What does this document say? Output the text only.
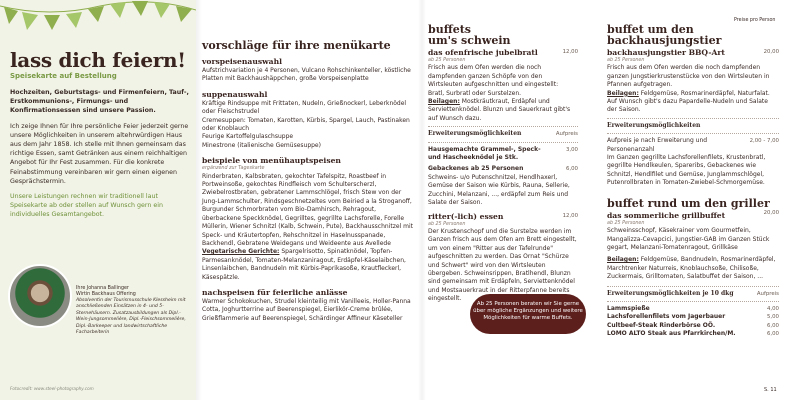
lass dich feiern!
Speisekarte auf Bestellung

Hochzeiten, Geburtstags- und Firmenfeiern, Tauf-, Erstkommunions-, Firmungs- und Konfirmationsessen sind unsere Passion.

Ich zeige Ihnen für Ihre persönliche Feier jederzeit gerne unsere Möglichkeiten in unserem altehrwürdigen Haus aus dem Jahr 1858. Ich stelle mit Ihnen gemeinsam das richtige Essen, samt Getränken aus einem reichhaltigen Angebot für Ihr Fest zusammen. Für die konkrete Feinabstimmung vereinbaren wir gern einen eigenen Gesprächstermin.

Unsere Leistungen rechnen wir traditionell laut Speisekarte ab oder stellen auf Wunsch gern ein individuelles Gesamtangebot.

Ihre Johanna Ballinger
Wirtin Backhaus Offering
Absolventin der Tourismusschule Klessheim mit anschließenden Einsätzen in 4- und 5-Sternehäusern. Zusatzausbildungen als Dipl.-Wein-Jungsommelière, Dipl.-Fleischsommelière, Dipl.-Barkeeper und landwirtschaftliche Facharbeiterin
Fotocredit: www.steel-photography.com
vorschläge für ihre menükarte
vorspeisenauswahl
Aufstrichvariation je 4 Personen, Vulcano Rohschinkenteller, köstliche Platten mit Backhaushäppchen, große Vorspeisenplatte
suppenauswahl
Kräftige Rindsuppe mit Frittaten, Nudeln, Grießnockerl, Leberknödel oder Fleischstrudel
Cremesuppen: Tomaten, Karotten, Kürbis, Spargel, Lauch, Pastinaken oder Knoblauch
Feurige Kartoffelgulaschsuppe
Minestrone (italienische Gemüsesuppe)
beispiele von menühauptspeisen
ergänzend zur Tageskarte
Rinderbraten, Kalbsbraten, gekochter Tafelspitz, Roastbeef in Portweinsoße, gekochtes Rindfleisch vom Schulterscherzl, Zwiebelrostbraten, gebratener Lammschlögel, frisch Stew von der Jung-Lammschulter, Rindsgeschnetzeltes vom Beiried a la Stroganoff, Burgunder Schmorbraten vom Bio-Damhirsch, Rehragout, überbackene Speckknödel, Gegrilltes, gegrillte Lachsforelle, Forelle Müllerin, Wiener Schnitzl (Kalb, Schwein, Pute), Backhausschnitzel mit Speck- und Kräutertopfen, Rehschnitzel in Haselnusspanade, Backhendl, Gebratene Weidegans und Weideente aus Avellede
Vegetarische Gerichte: Spargelrisotto, Spinatknödel, Topfen-Parmesanknödel, Tomaten-Melanzaniragout, Erdäpfel-Käselaibchen, Linsenlaibchen, Bandnudeln mit Kürbis-Paprikasoße, Krautfleckerl, Käsespätzle.
nachspeisen für feierliche anlässe
Warmer Schokokuchen, Strudel kleinteilig mit Vanilleeis, Holler-Panna Cotta, Joghurtterrine auf Beerenspiegel, Eierlikör-Creme brûlée, Grießflammerie auf Beerenspiegel, Schärdinger Affineur Käseteller
buffets
um's schwein
das ofenfrische jubelbratl	12,00
ab 25 Personen
Frisch aus dem Ofen werden die noch dampfenden ganzen Schöpfe von den Wirtsleuten aufgeschnitten und eingestellt:
Bratl, Surbratl oder Surstelzen.
Beilagen: Mostkräutkraut, Erdäpfel und Serviettenknödel. Blunzn und Sauerkraut gibt's auf Wunsch dazu.
Erweiterungsmöglichkeiten	Aufpreis
Hausgemachte Grammel-, Speck- und Hascheeknödel je Stk.
3,00
Gebackenes ab 25 Personen	6,00
Schweins- u/o Putenschnitzel, Hendlhaxerl, Gemüse der Saison wie Kürbis, Rauna, Sellerie, Zucchini, Melanzani, ..., erdäpfel zum Reis und Salate der Saison.
ritter(-lich) essen	12,00
ab 25 Personen
Der Krustenschopf und die Surstelze werden im Ganzen frisch aus dem Ofen am Brett eingestellt, um von einem "Ritter aus der Tafelrunde" aufgeschnitten zu werden. Das Ornat "Schürze und Schwert" wird von den Wirtsleuten übergeben. Schweinsrippen, Bratlhendl, Blunzn sind gemeinsam mit Erdäpfeln, Serviettenknödel und Mostsauerkraut in der Ritterpfanne bereits eingestellt.
Ab 25 Personen beraten wir Sie gerne über mögliche Ergänzungen und weitere Möglichkeiten für warme Buffets.
Preise pro Person
buffet um den
backhausjungstier
backhausjungstier BBQ-Art	20,00
ab 25 Personen
Frisch aus dem Ofen werden die noch dampfenden ganzen Jungstierkrustenstücke von den Wirtsleuten in Pfannen aufgetragen.
Beilagen: Feldgemüse, Rosmarinerdäpfel, Naturfalat. Auf Wunsch gibt's dazu Papardelle-Nudeln und Salate der Saison.
Erweiterungsmöglichkeiten
Aufpreis je nach Erweiterung und Personenanzahl
2,00 - 7,00
Im Ganzen gegrillte Lachsforellenfilets, Krustenbratl, gegrillte Hendlkeulen, Spareribs, Gebackenes wie Schnitzl, Hendlfilet und Gemüse, Junglammschlögel, Putenrollbraten in Tomaten-Zwiebel-Schmorgemüse.
buffet rund um den griller
das sommerliche grillbuffet	20,00
ab 25 Personen
Schweinsschopf, Käsekrainer vom Gourmetfein, Mangalizza-Cevapcici, Jungstier-GAB im Ganzen Stück gegart, Melanzani-Tomatenragout, Grillkäse
Beilagen: Feldgemüse, Bandnudeln, Rosmarinerdäpfel, Marchtrenker Naturreis, Knoblauchsoße, Chilisoße, Zuckermais, Grilltomaten, Salatbuffet der Saison, ...
Erweiterungsmöglichkeiten je 10 dkg	Aufpreis
Lammspieße	4,00
Lachsforellenfilets vom Jagerbauer	5,00
Cultbeef-Steak Rinderbörse OÖ.	6,00
LOMO ALTO Steak aus Pfarrkirchen/M.	6,00
S. 11
